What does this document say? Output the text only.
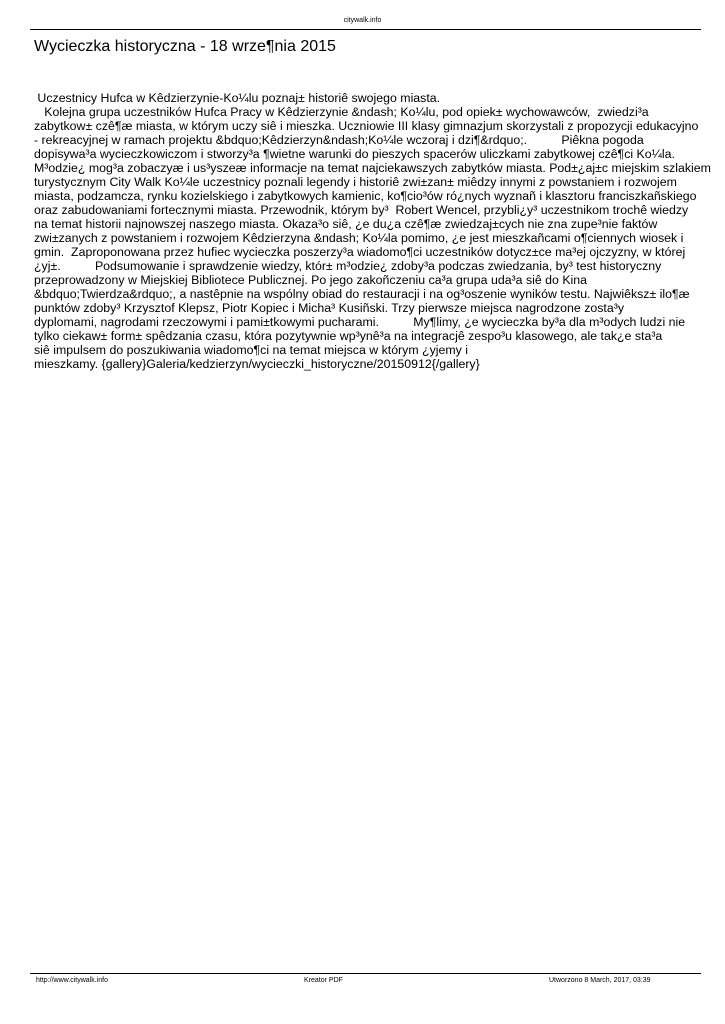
citywalk.info
Wycieczka historyczna - 18 wrze¶nia 2015
Uczestnicy Hufca w Kêdzierzynie-Ko¼lu poznaj± historiê swojego miasta.
Kolejna grupa uczestników Hufca Pracy w Kêdzierzynie &ndash; Ko¼lu, pod opiek± wychowawców,  zwiedzi³a
zabytkow± czê¶æ miasta, w którym uczy siê i mieszka. Uczniowie III klasy gimnazjum skorzystali z propozycji edukacyjno
- rekreacyjnej w ramach projektu &bdquo;Kêdzierzyn&ndash;Ko¼le wczoraj i dzi¶&rdquo;.          Piêkna pogoda
dopisywa³a wycieczkowiczom i stworzy³a ¶wietne warunki do pieszych spacerów uliczkami zabytkowej czê¶ci Ko¼la.
M³odzie¿ mog³a zobaczyæ i us³yszeæ informacje na temat najciekawszych zabytków miasta. Pod±¿aj±c miejskim szlakiem
turystycznym City Walk Ko¼le uczestnicy poznali legendy i historiê zwi±zan± miêdzy innymi z powstaniem i rozwojem
miasta, podzamcza, rynku kozielskiego i zabytkowych kamienic, ko¶cio³ów ró¿nych wyznañ i klasztoru franciszkañskiego
oraz zabudowaniami fortecznymi miasta. Przewodnik, którym by³  Robert Wencel, przybli¿y³ uczestnikom trochê wiedzy
na temat historii najnowszej naszego miasta. Okaza³o siê, ¿e du¿a czê¶æ zwiedzaj±cych nie zna zupe³nie faktów
zwi±zanych z powstaniem i rozwojem Kêdzierzyna &ndash; Ko¼la pomimo, ¿e jest mieszkañcami o¶ciennych wiosek i
gmin.  Zaproponowana przez hufiec wycieczka poszerzy³a wiadomo¶ci uczestników dotycz±ce ma³ej ojczyzny, w której
¿yj±.          Podsumowanie i sprawdzenie wiedzy, któr± m³odzie¿ zdoby³a podczas zwiedzania, by³ test historyczny
przeprowadzony w Miejskiej Bibliotece Publicznej. Po jego zakoñczeniu ca³a grupa uda³a siê do Kina
&bdquo;Twierdza&rdquo;, a nastêpnie na wspólny obiad do restauracji i na og³oszenie wyników testu. Najwiêksz± ilo¶æ
punktów zdoby³ Krzysztof Klepsz, Piotr Kopiec i Micha³ Kusiñski. Trzy pierwsze miejsca nagrodzone zosta³y
dyplomami, nagrodami rzeczowymi i pami±tkowymi pucharami.          My¶limy, ¿e wycieczka by³a dla m³odych ludzi nie
tylko ciekaw± form± spêdzania czasu, która pozytywnie wp³ynê³a na integracjê zespo³u klasowego, ale tak¿e sta³a
siê impulsem do poszukiwania wiadomo¶ci na temat miejsca w którym ¿yjemy i
mieszkamy. {gallery}Galeria/kedzierzyn/wycieczki_historyczne/20150912{/gallery}
http://www.citywalk.info	Kreator PDF	Utworzono 8 March, 2017, 03:39
